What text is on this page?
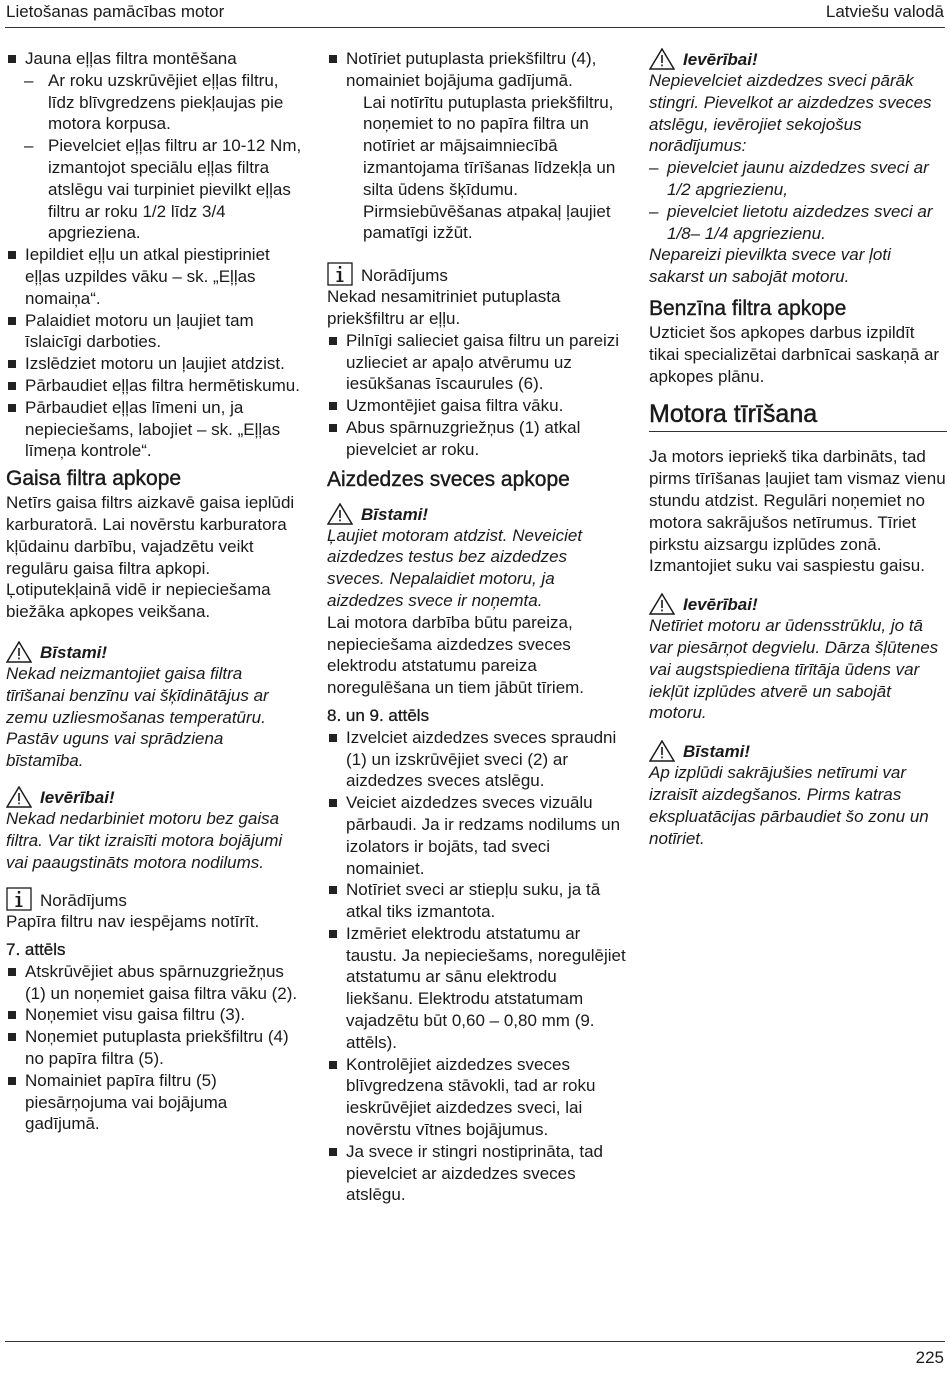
Lietošanas pamācības motor	Latviešu valodā
Jauna eļļas filtra montēšana
– Ar roku uzskrūvējiet eļļas filtru, līdz blīvgredzens piekļaujas pie motora korpusa.
– Pievelciet eļļas filtru ar 10-12 Nm, izmantojot speciālu eļļas filtra atslēgu vai turpiniet pievilkt eļļas filtru ar roku 1/2 līdz 3/4 apgrieziena.
Iepildiet eļļu un atkal piestipriniet eļļas uzpildes vāku – sk. „Eļļas nomaiņa“.
Palaidiet motoru un ļaujiet tam īslaicīgi darboties.
Izslēdziet motoru un ļaujiet atdzist.
Pārbaudiet eļļas filtra hermētiskumu.
Pārbaudiet eļļas līmeni un, ja nepieciešams, labojiet – sk. „Eļļas līmeņa kontrole“.
Gaisa filtra apkope

Netīrs gaisa filtrs aizkavē gaisa ieplūdi karburatorā. Lai novērstu karburatora kļūdainu darbību, vajadzētu veikt regulāru gaisa filtra apkopi. Ļotiputekļainā vidē ir nepieciešama biežāka apkopes veikšana.

Bīstami!

Nekad neizmantojiet gaisa filtra tīrīšanai benzīnu vai šķīdinātājus ar zemu uzliesmošanas temperatūru. Pastāv uguns vai sprādziena bīstamība.

Ievērībai!

Nekad nedarbiniet motoru bez gaisa filtra. Var tikt izraisīti motora bojājumi vai paaugstināts motora nodilums.

Norādījums

Papīra filtru nav iespējams notīrīt.

7. attēls

Atskrūvējiet abus spārnuzgriežņus (1) un noņemiet gaisa filtra vāku (2).
Noņemiet visu gaisa filtru (3).
Noņemiet putuplasta priekšfiltru (4) no papīra filtra (5).
Nomainiet papīra filtru (5) piesārņojuma vai bojājuma gadījumā.
Notīriet putuplasta priekšfiltru (4), nomainiet bojājuma gadījumā.

Lai notīrītu putuplasta priekšfiltru, noņemiet to no papīra filtra un notīriet ar mājsaimniecībā izmantojama tīrīšanas līdzekļa un silta ūdens šķīdumu. Pirmsiebūvēšanas atpakaļ ļaujiet pamatīgi izžūt.

Norādījums

Nekad nesamitriniet putuplasta priekšfiltru ar eļļu.

Pilnīgi salieciet gaisa filtru un pareizi uzlieciet ar apaļo atvērumu uz iesūkšanas īscaurules (6).
Uzmontējiet gaisa filtra vāku.
Abus spārnuzgriežņus (1) atkal pievelciet ar roku.
Aizdedzes sveces apkope
Bīstami!

Ļaujiet motoram atdzist. Neveiciet aizdedzes testus bez aizdedzes sveces. Nepalaidiet motoru, ja aizdedzes svece ir noņemta.

Lai motora darbība būtu pareiza, nepieciešama aizdedzes sveces elektrodu atstatumu pareiza noregulēšana un tiem jābūt tīriem.

8. un 9. attēls

Izvelciet aizdedzes sveces spraudni (1) un izskrūvējiet sveci (2) ar aizdedzes sveces atslēgu.
Veiciet aizdedzes sveces vizuālu pārbaudi. Ja ir redzams nodilums un izolators ir bojāts, tad sveci nomainiet.
Notīriet sveci ar stiepļu suku, ja tā atkal tiks izmantota.
Izmēriet elektrodu atstatumu ar taustu. Ja nepieciešams, noregulējiet atstatumu ar sānu elektrodu liekšanu. Elektrodu atstatumam vajadzētu būt 0,60 – 0,80 mm (9. attēls).
Kontrolējiet aizdedzes sveces blīvgredzena stāvokli, tad ar roku ieskrūvējiet aizdedzes sveci, lai novērstu vītnes bojājumus.
Ja svece ir stingri nostiprināta, tad pievelciet ar aizdedzes sveces atslēgu.
Ievērībai!

Nepievelciet aizdedzes sveci pārāk stingri. Pievelkot ar aizdedzes sveces atslēgu, ievērojiet sekojošus norādījumus:

– pievelciet jaunu aizdedzes sveci ar 1/2 apgriezienu,
– pievelciet lietotu aizdedzes sveci ar 1/8– 1/4 apgriezienu.

Nepareizi pievilkta svece var ļoti sakarst un sabojāt motoru.

Benzīna filtra apkope

Uzticiet šos apkopes darbus izpildīt tikai specializētai darbnīcai saskaņā ar apkopes plānu.

Motora tīrīšana

Ja motors iepriekš tika darbināts, tad pirms tīrīšanas ļaujiet tam vismaz vienu stundu atdzist. Regulāri noņemiet no motora sakrājušos netīrumus. Tīriet pirkstu aizsargu izplūdes zonā. Izmantojiet suku vai saspiestu gaisu.

Ievērībai!

Netīriet motoru ar ūdensstrūklu, jo tā var piesārņot degvielu. Dārza šļūtenes vai augstspiediena tīrītāja ūdens var iekļūt izplūdes atverē un sabojāt motoru.

Bīstami!

Ap izplūdi sakrājušies netīrumi var izraisīt aizdegšanos. Pirms katras ekspluatācijas pārbaudiet šo zonu un notīriet.

225
